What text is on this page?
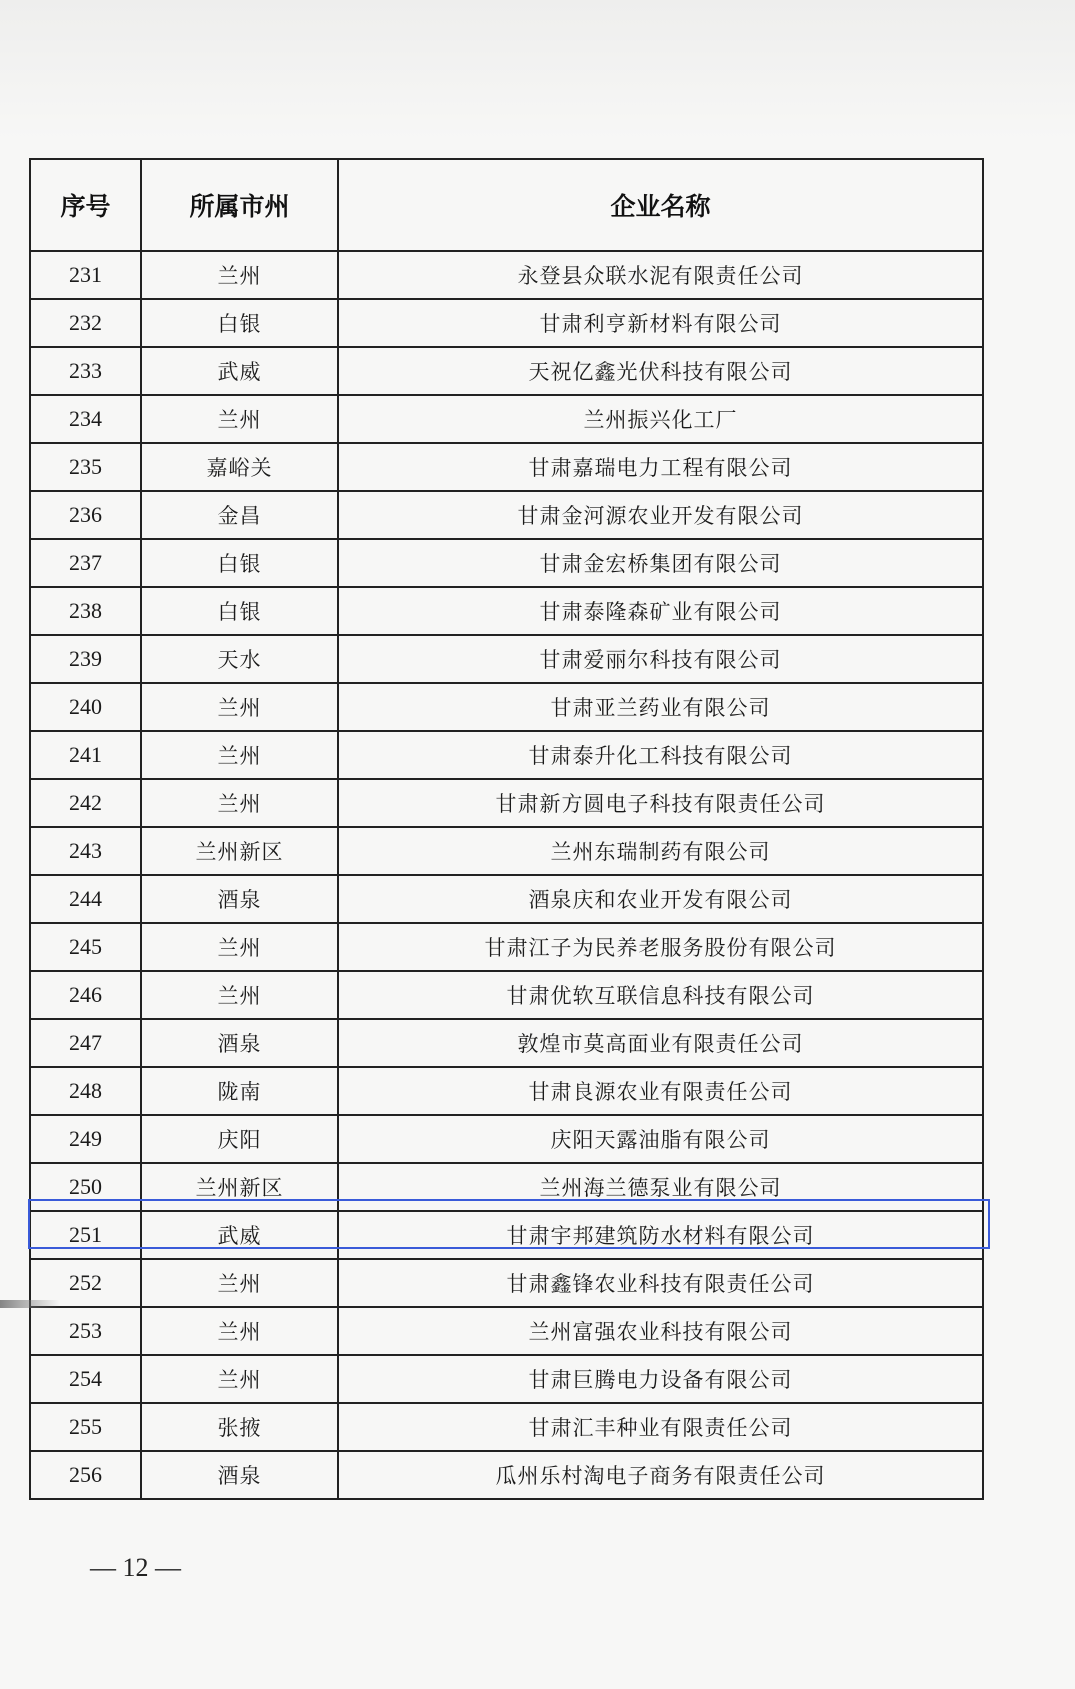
序号	所属市州	企业名称
231	兰州	永登县众联水泥有限责任公司
232	白银	甘肃利亨新材料有限公司
233	武威	天祝亿鑫光伏科技有限公司
234	兰州	兰州振兴化工厂
235	嘉峪关	甘肃嘉瑞电力工程有限公司
236	金昌	甘肃金河源农业开发有限公司
237	白银	甘肃金宏桥集团有限公司
238	白银	甘肃泰隆森矿业有限公司
239	天水	甘肃爱丽尔科技有限公司
240	兰州	甘肃亚兰药业有限公司
241	兰州	甘肃泰升化工科技有限公司
242	兰州	甘肃新方圆电子科技有限责任公司
243	兰州新区	兰州东瑞制药有限公司
244	酒泉	酒泉庆和农业开发有限公司
245	兰州	甘肃江子为民养老服务股份有限公司
246	兰州	甘肃优软互联信息科技有限公司
247	酒泉	敦煌市莫高面业有限责任公司
248	陇南	甘肃良源农业有限责任公司
249	庆阳	庆阳天露油脂有限公司
250	兰州新区	兰州海兰德泵业有限公司
251	武威	甘肃宇邦建筑防水材料有限公司
252	兰州	甘肃鑫锋农业科技有限责任公司
253	兰州	兰州富强农业科技有限公司
254	兰州	甘肃巨腾电力设备有限公司
255	张掖	甘肃汇丰种业有限责任公司
256	酒泉	瓜州乐村淘电子商务有限责任公司
— 12 —
